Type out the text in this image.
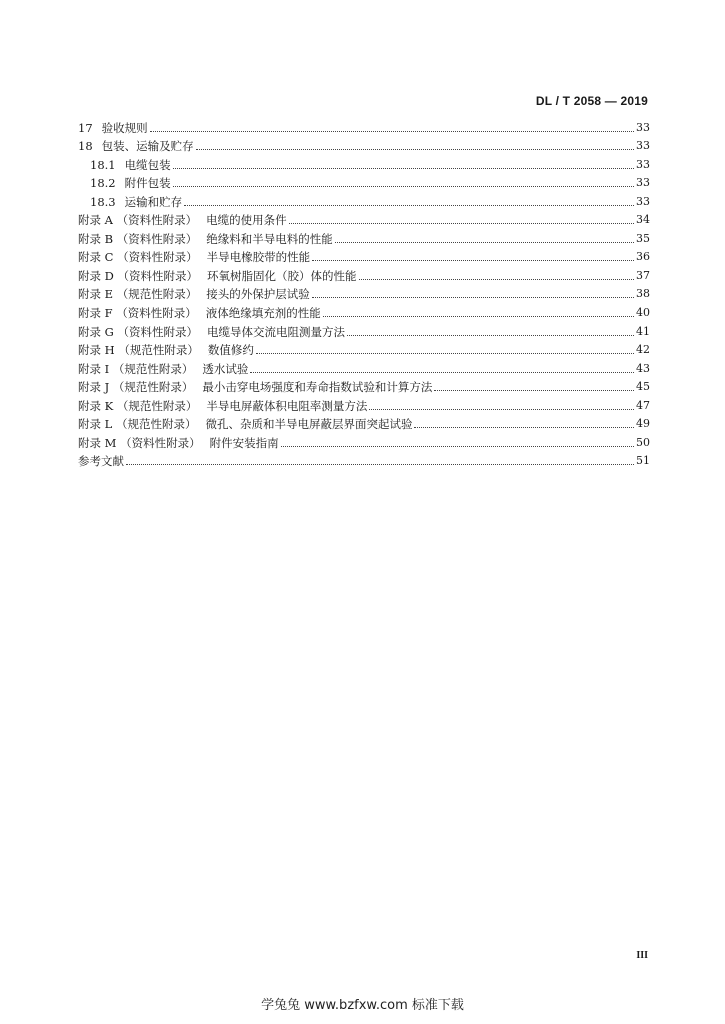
DL / T 2058 — 2019
17 验收规则	33
18 包装、运输及贮存	33
18.1 电缆包装	33
18.2 附件包装	33
18.3 运输和贮存	33
附录 A （资料性附录） 电缆的使用条件	34
附录 B （资料性附录） 绝缘料和半导电料的性能	35
附录 C （资料性附录） 半导电橡胶带的性能	36
附录 D （资料性附录） 环氧树脂固化（胶）体的性能	37
附录 E （规范性附录） 接头的外保护层试验	38
附录 F （资料性附录） 液体绝缘填充剂的性能	40
附录 G （资料性附录） 电缆导体交流电阻测量方法	41
附录 H （规范性附录） 数值修约	42
附录 I （规范性附录） 透水试验	43
附录 J （规范性附录） 最小击穿电场强度和寿命指数试验和计算方法	45
附录 K （规范性附录） 半导电屏蔽体积电阻率测量方法	47
附录 L （规范性附录） 微孔、杂质和半导电屏蔽层界面突起试验	49
附录 M （资料性附录） 附件安装指南	50
参考文献	51
III
学兔兔 www.bzfxw.com 标准下载
